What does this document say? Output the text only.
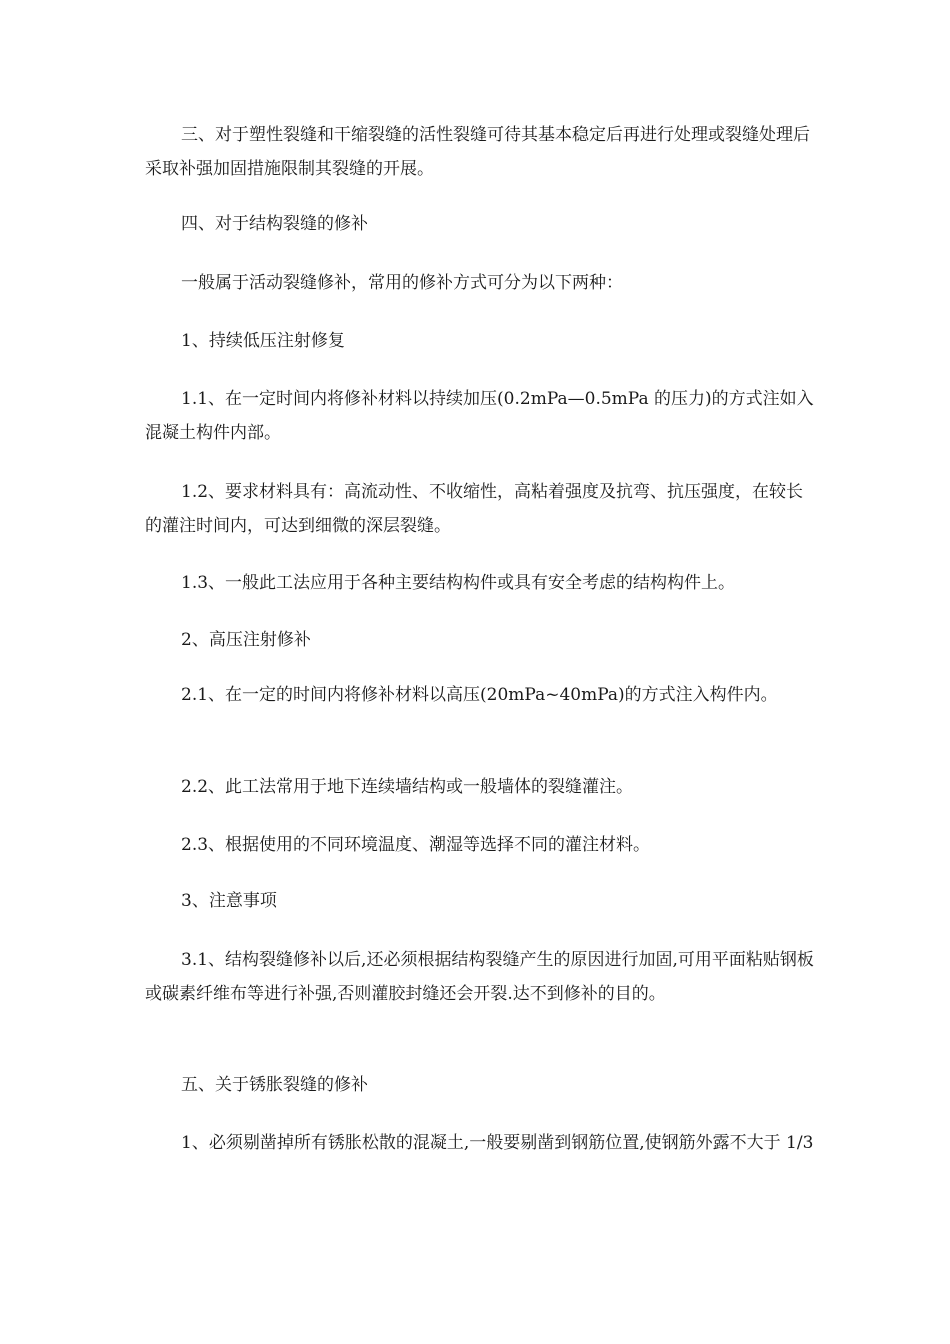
三、对于塑性裂缝和干缩裂缝的活性裂缝可待其基本稳定后再进行处理或裂缝处理后采取补强加固措施限制其裂缝的开展。

四、对于结构裂缝的修补

一般属于活动裂缝修补，常用的修补方式可分为以下两种：

1、持续低压注射修复

1.1、在一定时间内将修补材料以持续加压(0.2mPa—0.5mPa 的压力)的方式注如入混凝土构件内部。

1.2、要求材料具有：高流动性、不收缩性，高粘着强度及抗弯、抗压强度，在较长的灌注时间内，可达到细微的深层裂缝。

1.3、一般此工法应用于各种主要结构构件或具有安全考虑的结构构件上。

2、高压注射修补

2.1、在一定的时间内将修补材料以高压(20mPa~40mPa)的方式注入构件内。

2.2、此工法常用于地下连续墙结构或一般墙体的裂缝灌注。

2.3、根据使用的不同环境温度、潮湿等选择不同的灌注材料。

3、注意事项

3.1、结构裂缝修补以后,还必须根据结构裂缝产生的原因进行加固,可用平面粘贴钢板或碳素纤维布等进行补强,否则灌胶封缝还会开裂.达不到修补的目的。

五、关于锈胀裂缝的修补

1、必须剔凿掉所有锈胀松散的混凝土,一般要剔凿到钢筋位置,使钢筋外露不大于 1/3
